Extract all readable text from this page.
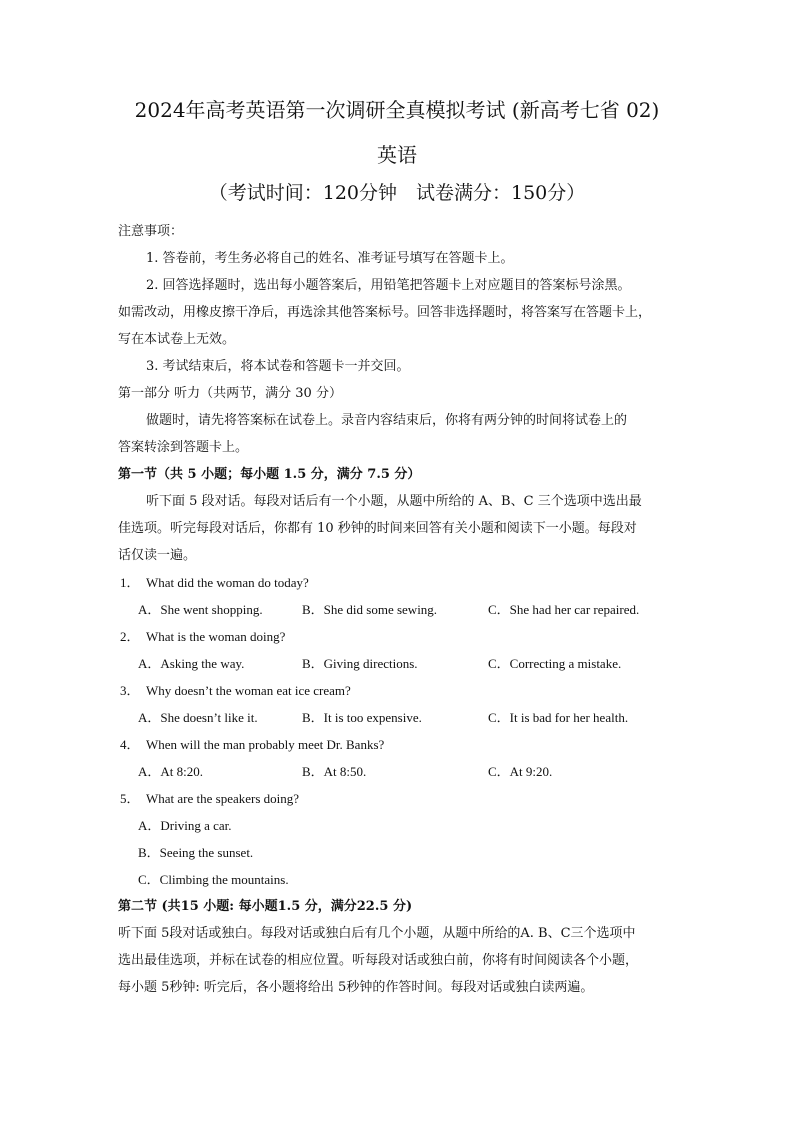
2024年高考英语第一次调研全真模拟考试 (新高考七省 02)
英语
（考试时间：120分钟　试卷满分：150分）

注意事项：

1. 答卷前，考生务必将自己的姓名、准考证号填写在答题卡上。

2. 回答选择题时，选出每小题答案后，用铅笔把答题卡上对应题目的答案标号涂黑。

如需改动，用橡皮擦干净后，再选涂其他答案标号。回答非选择题时，将答案写在答题卡上，

写在本试卷上无效。

3. 考试结束后，将本试卷和答题卡一并交回。

第一部分 听力（共两节，满分 30 分）

做题时，请先将答案标在试卷上。录音内容结束后，你将有两分钟的时间将试卷上的

答案转涂到答题卡上。

第一节（共 5 小题；每小题 1.5 分，满分 7.5 分）

听下面 5 段对话。每段对话后有一个小题，从题中所给的 A、B、C 三个选项中选出最

佳选项。听完每段对话后，你都有 10 秒钟的时间来回答有关小题和阅读下一小题。每段对

话仅读一遍。

1． What did the woman do today?

A．She went shopping.	B．She did some sewing.	C．She had her car repaired.

2． What is the woman doing?

A．Asking the way.	B．Giving directions.	C．Correcting a mistake.

3． Why doesn’t the woman eat ice cream?

A．She doesn’t like it.	B．It is too expensive.	C．It is bad for her health.

4． When will the man probably meet Dr. Banks?

A．At 8:20.	B．At 8:50.	C．At 9:20.

5． What are the speakers doing?

A．Driving a car.

B．Seeing the sunset.

C．Climbing the mountains.

第二节 (共15 小题: 每小题1.5 分，满分22.5 分)

听下面 5段对话或独白。每段对话或独白后有几个小题，从题中所给的A. B、C三个选项中

选出最佳选项，并标在试卷的相应位置。听每段对话或独白前，你将有时间阅读各个小题，

每小题 5秒钟: 听完后，各小题将给出 5秒钟的作答时间。每段对话或独白读两遍。
